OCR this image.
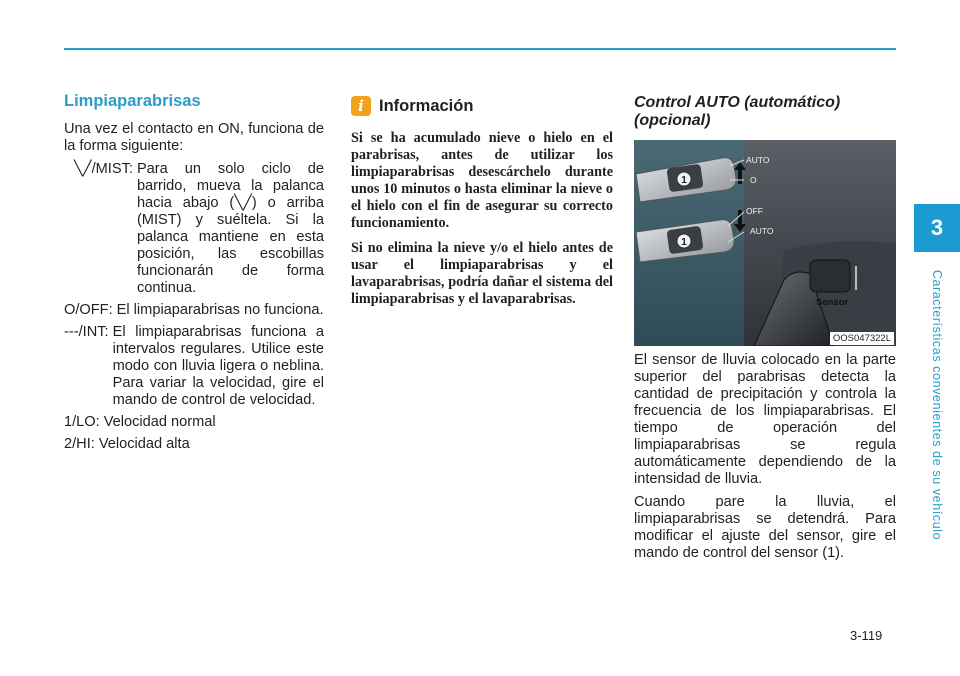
3
Características convenientes de su vehículo
Limpiaparabrisas

Una vez el contacto en ON, funciona de la forma siguiente:

╲╱/MIST: Para un solo ciclo de barrido, mueva la palanca hacia abajo (╲╱) o arriba (MIST) y suéltela. Si la palanca mantiene en esta posición, las escobillas funcionarán de forma continua.
O/OFF: El limpiaparabrisas no funciona.
---/INT: El limpiaparabrisas funciona a intervalos regulares. Utilice este modo con lluvia ligera o neblina. Para variar la velocidad, gire el mando de control de velocidad.
1/LO: Velocidad normal
2/HI: Velocidad alta
i Información

Si se ha acumulado nieve o hielo en el parabrisas, antes de utilizar los limpiaparabrisas desescárchelo durante unos 10 minutos o hasta eliminar la nieve o el hielo con el fin de asegurar su correcto funcionamiento.

Si no elimina la nieve y/o el hielo antes de usar el limpiaparabrisas y el lavaparabrisas, podría dañar el sistema del limpiaparabrisas y el lavaparabrisas.

Control AUTO (automático) (opcional)
1
1
AUTO
O
OFF
AUTO
Sensor
OOS047322L

El sensor de lluvia colocado en la parte superior del parabrisas detecta la cantidad de precipitación y controla la frecuencia de los limpiaparabrisas. El tiempo de operación del limpiaparabrisas se regula automáticamente dependiendo de la intensidad de lluvia.

Cuando pare la lluvia, el limpiaparabrisas se detendrá. Para modificar el ajuste del sensor, gire el mando de control del sensor (1).

3-119
